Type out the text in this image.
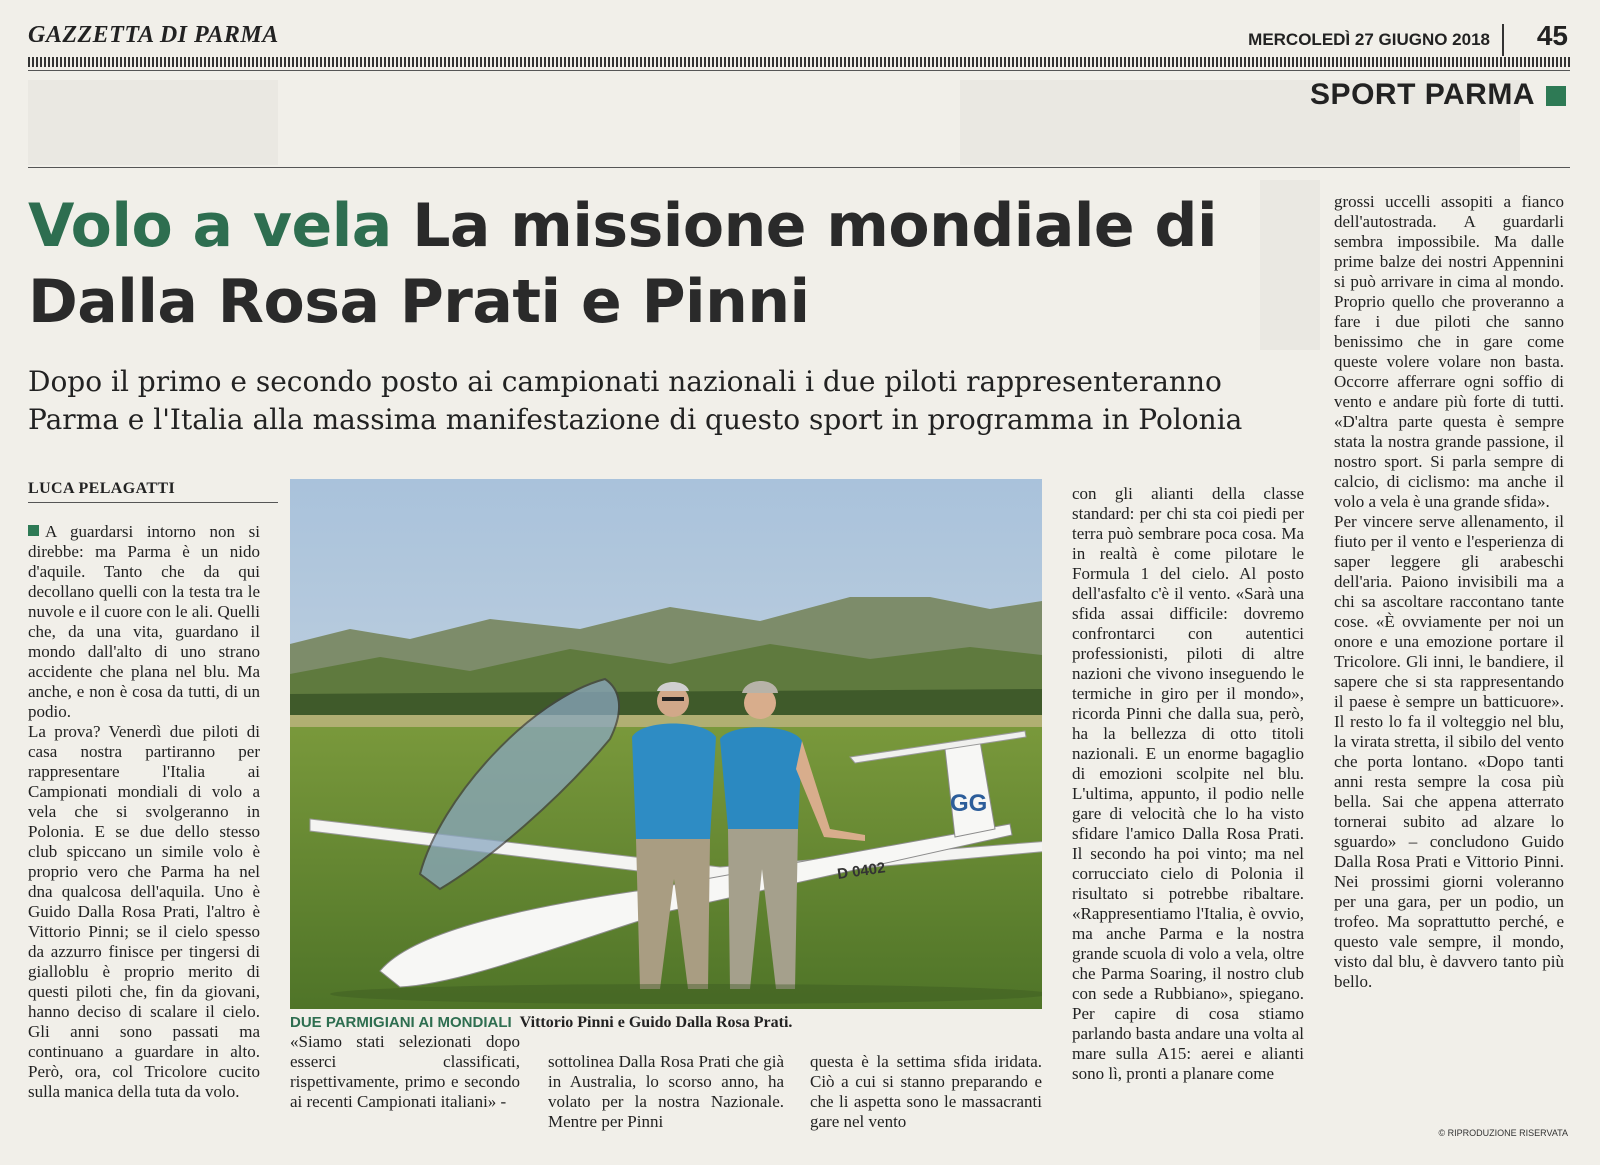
GAZZETTA DI PARMA	MERCOLEDÌ 27 GIUGNO 2018 45
SPORT PARMA
Volo a vela La missione mondiale di Dalla Rosa Prati e Pinni
Dopo il primo e secondo posto ai campionati nazionali i due piloti rappresenteranno Parma e l'Italia alla massima manifestazione di questo sport in programma in Polonia
LUCA PELAGATTI

A guardarsi intorno non si direbbe: ma Parma è un nido d'aquile. Tanto che da qui decollano quelli con la testa tra le nuvole e il cuore con le ali. Quelli che, da una vita, guardano il mondo dall'alto di uno strano accidente che plana nel blu. Ma anche, e non è cosa da tutti, di un podio.

La prova? Venerdì due piloti di casa nostra partiranno per rappresentare l'Italia ai Campionati mondiali di volo a vela che si svolgeranno in Polonia. E se due dello stesso club spiccano un simile volo è proprio vero che Parma ha nel dna qualcosa dell'aquila. Uno è Guido Dalla Rosa Prati, l'altro è Vittorio Pinni; se il cielo spesso da azzurro finisce per tingersi di gialloblu è proprio merito di questi piloti che, fin da giovani, hanno deciso di scalare il cielo. Gli anni sono passati ma continuano a guardare in alto. Però, ora, col Tricolore cucito sulla manica della tuta da volo.

GG
D 0402
DUE PARMIGIANI AI MONDIALI Vittorio Pinni e Guido Dalla Rosa Prati.
«Siamo stati selezionati dopo esserci classificati, rispettivamente, primo e secondo ai recenti Campionati italiani» -
sottolinea Dalla Rosa Prati che già in Australia, lo scorso anno, ha volato per la nostra Nazionale. Mentre per Pinni
questa è la settima sfida iridata. Ciò a cui si stanno preparando e che li aspetta sono le massacranti gare nel vento
con gli alianti della classe standard: per chi sta coi piedi per terra può sembrare poca cosa. Ma in realtà è come pilotare le Formula 1 del cielo. Al posto dell'asfalto c'è il vento. «Sarà una sfida assai difficile: dovremo confrontarci con autentici professionisti, piloti di altre nazioni che vivono inseguendo le termiche in giro per il mondo», ricorda Pinni che dalla sua, però, ha la bellezza di otto titoli nazionali. E un enorme bagaglio di emozioni scolpite nel blu. L'ultima, appunto, il podio nelle gare di velocità che lo ha visto sfidare l'amico Dalla Rosa Prati. Il secondo ha poi vinto; ma nel corrucciato cielo di Polonia il risultato si potrebbe ribaltare. «Rappresentiamo l'Italia, è ovvio, ma anche Parma e la nostra grande scuola di volo a vela, oltre che Parma Soaring, il nostro club con sede a Rubbiano», spiegano. Per capire di cosa stiamo parlando basta andare una volta al mare sulla A15: aerei e alianti sono lì, pronti a planare come

grossi uccelli assopiti a fianco dell'autostrada. A guardarli sembra impossibile. Ma dalle prime balze dei nostri Appennini si può arrivare in cima al mondo. Proprio quello che proveranno a fare i due piloti che sanno benissimo che in gare come queste volere volare non basta. Occorre afferrare ogni soffio di vento e andare più forte di tutti. «D'altra parte questa è sempre stata la nostra grande passione, il nostro sport. Si parla sempre di calcio, di ciclismo: ma anche il volo a vela è una grande sfida».

Per vincere serve allenamento, il fiuto per il vento e l'esperienza di saper leggere gli arabeschi dell'aria. Paiono invisibili ma a chi sa ascoltare raccontano tante cose. «È ovviamente per noi un onore e una emozione portare il Tricolore. Gli inni, le bandiere, il sapere che si sta rappresentando il paese è sempre un batticuore». Il resto lo fa il volteggio nel blu, la virata stretta, il sibilo del vento che porta lontano. «Dopo tanti anni resta sempre la cosa più bella. Sai che appena atterrato tornerai subito ad alzare lo sguardo» – concludono Guido Dalla Rosa Prati e Vittorio Pinni. Nei prossimi giorni voleranno per una gara, per un podio, un trofeo. Ma soprattutto perché, e questo vale sempre, il mondo, visto dal blu, è davvero tanto più bello.

© RIPRODUZIONE RISERVATA
